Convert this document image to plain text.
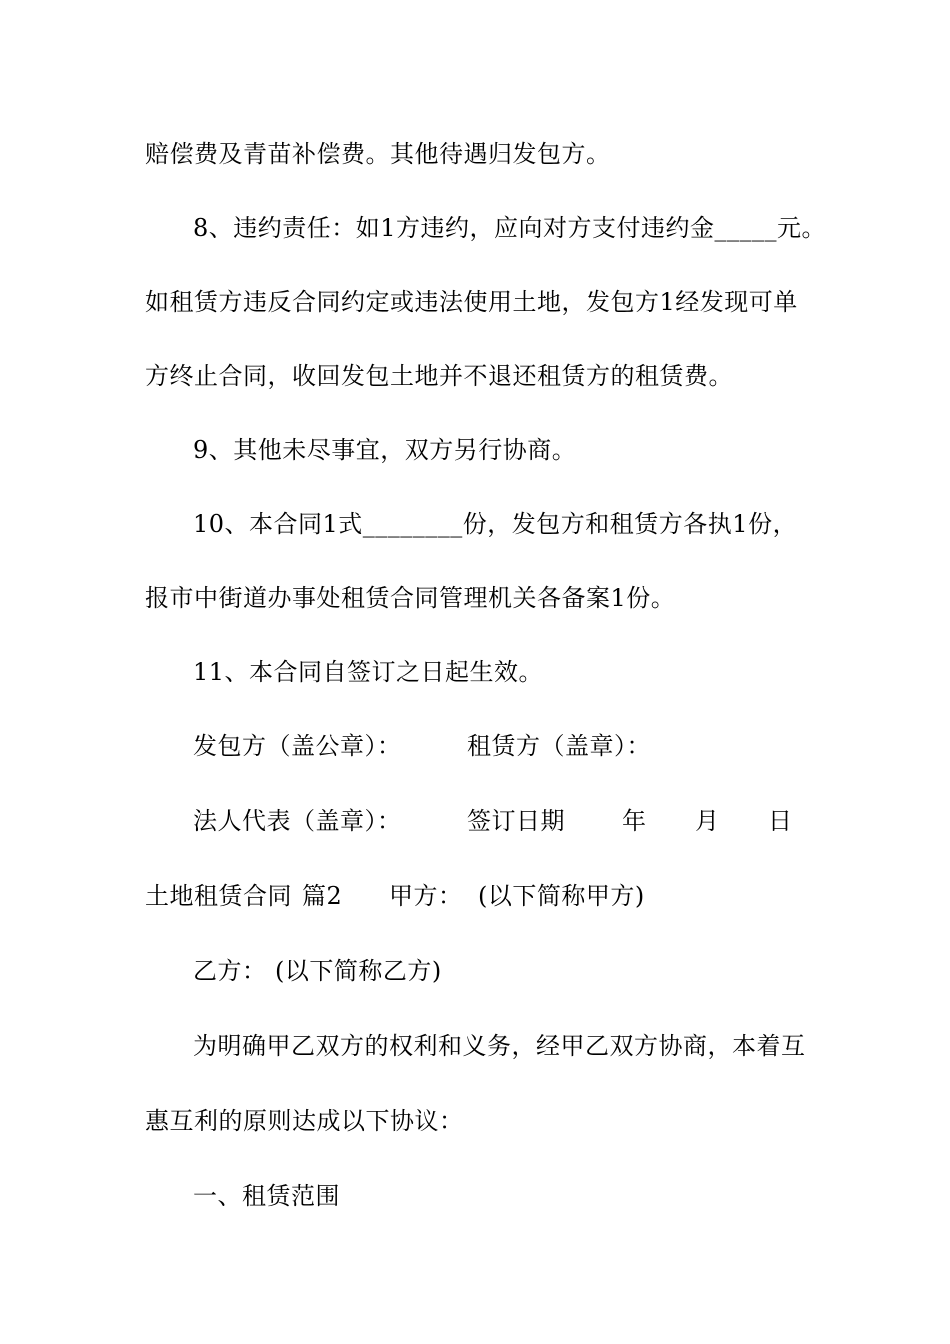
赔偿费及青苗补偿费。其他待遇归发包方。
8、违约责任：如1方违约，应向对方支付违约金_____元。
如租赁方违反合同约定或违法使用土地，发包方1经发现可单
方终止合同，收回发包土地并不退还租赁方的租赁费。
9、其他未尽事宜，双方另行协商。
10、本合同1式________份，发包方和租赁方各执1份，
报市中街道办事处租赁合同管理机关各备案1份。
11、本合同自签订之日起生效。
发包方（盖公章）：	租赁方（盖章）：
法人代表（盖章）：	签订日期 年 月 日
土地租赁合同 篇2 甲方： (以下简称甲方)
乙方： (以下简称乙方)
为明确甲乙双方的权利和义务，经甲乙双方协商，本着互
惠互利的原则达成以下协议：
一、租赁范围
